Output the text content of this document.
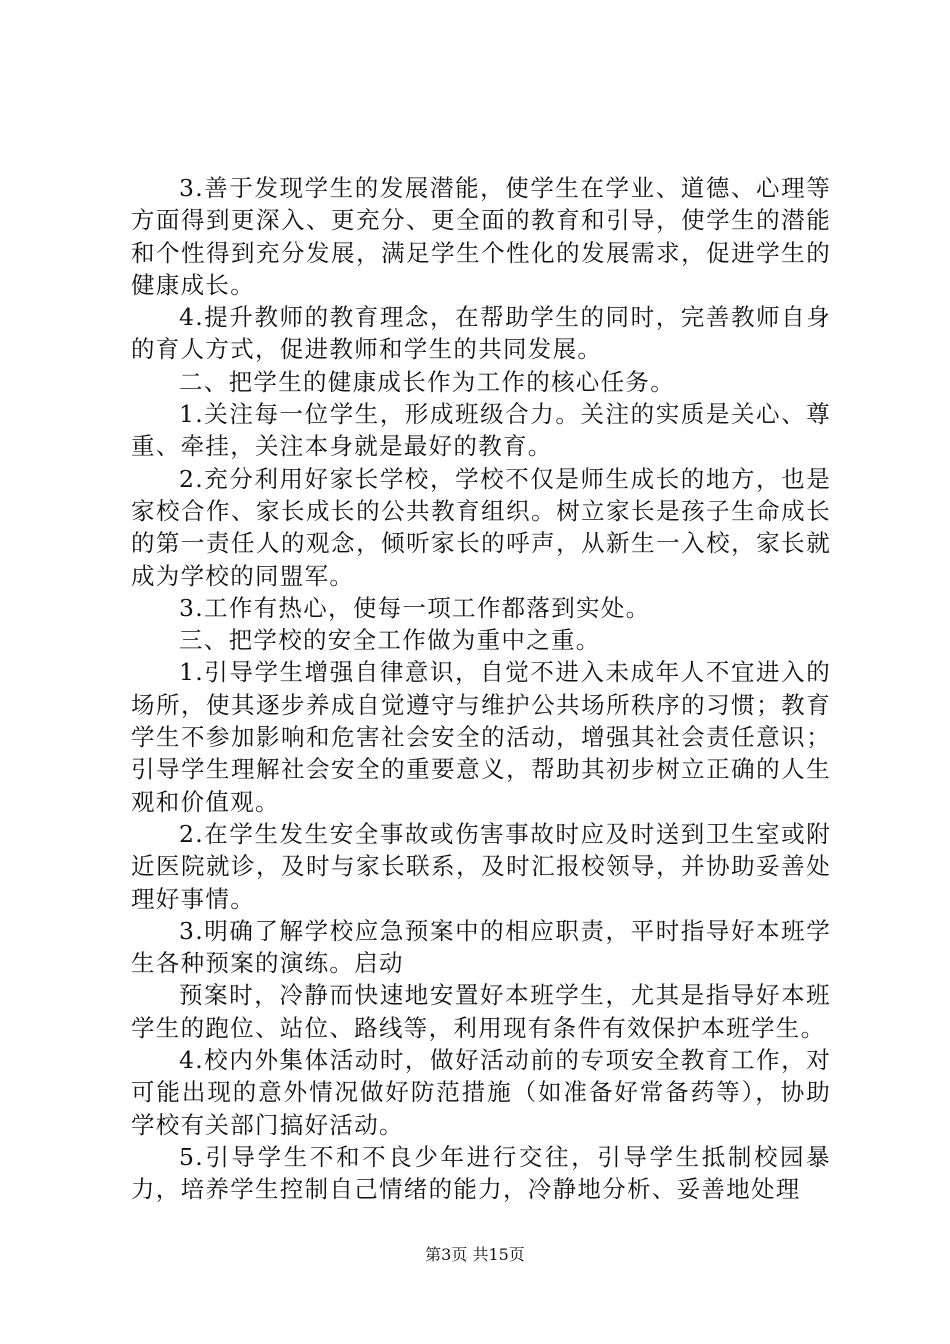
3.善于发现学生的发展潜能，使学生在学业、道德、心理等方面得到更深入、更充分、更全面的教育和引导，使学生的潜能和个性得到充分发展，满足学生个性化的发展需求，促进学生的健康成长。

4.提升教师的教育理念，在帮助学生的同时，完善教师自身的育人方式，促进教师和学生的共同发展。

二、把学生的健康成长作为工作的核心任务。

1.关注每一位学生，形成班级合力。关注的实质是关心、尊重、牵挂，关注本身就是最好的教育。

2.充分利用好家长学校，学校不仅是师生成长的地方，也是家校合作、家长成长的公共教育组织。树立家长是孩子生命成长的第一责任人的观念，倾听家长的呼声，从新生一入校，家长就成为学校的同盟军。

3.工作有热心，使每一项工作都落到实处。

三、把学校的安全工作做为重中之重。

1.引导学生增强自律意识，自觉不进入未成年人不宜进入的场所，使其逐步养成自觉遵守与维护公共场所秩序的习惯；教育学生不参加影响和危害社会安全的活动，增强其社会责任意识；引导学生理解社会安全的重要意义，帮助其初步树立正确的人生观和价值观。

2.在学生发生安全事故或伤害事故时应及时送到卫生室或附近医院就诊，及时与家长联系，及时汇报校领导，并协助妥善处理好事情。

3.明确了解学校应急预案中的相应职责，平时指导好本班学生各种预案的演练。启动

预案时，冷静而快速地安置好本班学生，尤其是指导好本班学生的跑位、站位、路线等，利用现有条件有效保护本班学生。

4.校内外集体活动时，做好活动前的专项安全教育工作，对可能出现的意外情况做好防范措施（如准备好常备药等），协助学校有关部门搞好活动。

5.引导学生不和不良少年进行交往，引导学生抵制校园暴力，培养学生控制自己情绪的能力，冷静地分析、妥善地处理

第3页 共15页
